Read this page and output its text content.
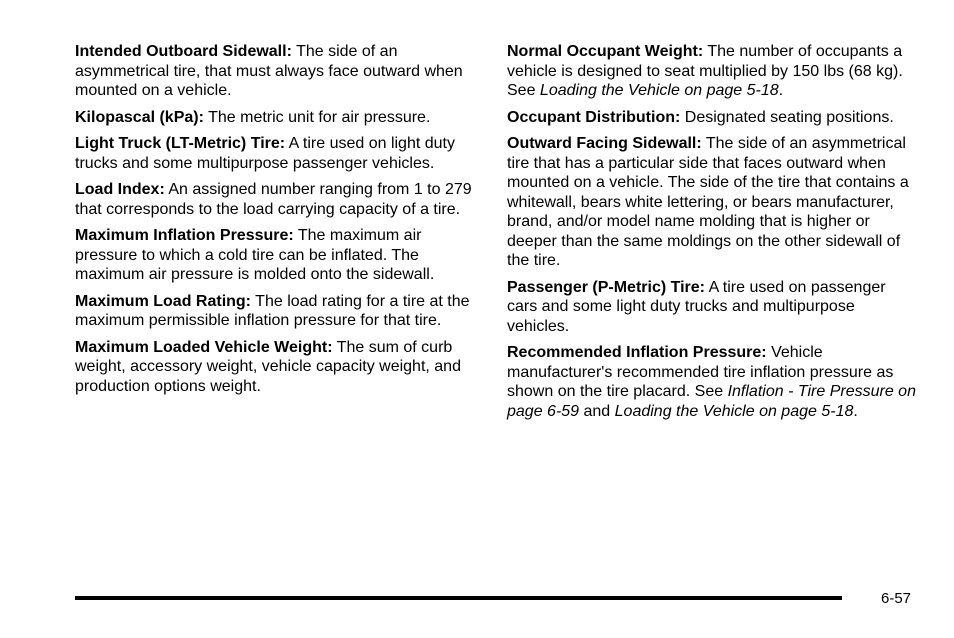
Intended Outboard Sidewall: The side of an asymmetrical tire, that must always face outward when mounted on a vehicle.

Kilopascal (kPa): The metric unit for air pressure.

Light Truck (LT-Metric) Tire: A tire used on light duty trucks and some multipurpose passenger vehicles.

Load Index: An assigned number ranging from 1 to 279 that corresponds to the load carrying capacity of a tire.

Maximum Inflation Pressure: The maximum air pressure to which a cold tire can be inflated. The maximum air pressure is molded onto the sidewall.

Maximum Load Rating: The load rating for a tire at the maximum permissible inflation pressure for that tire.

Maximum Loaded Vehicle Weight: The sum of curb weight, accessory weight, vehicle capacity weight, and production options weight.

Normal Occupant Weight: The number of occupants a vehicle is designed to seat multiplied by 150 lbs (68 kg). See Loading the Vehicle on page 5-18.

Occupant Distribution: Designated seating positions.

Outward Facing Sidewall: The side of an asymmetrical tire that has a particular side that faces outward when mounted on a vehicle. The side of the tire that contains a whitewall, bears white lettering, or bears manufacturer, brand, and/or model name molding that is higher or deeper than the same moldings on the other sidewall of the tire.

Passenger (P-Metric) Tire: A tire used on passenger cars and some light duty trucks and multipurpose vehicles.

Recommended Inflation Pressure: Vehicle manufacturer's recommended tire inflation pressure as shown on the tire placard. See Inflation - Tire Pressure on page 6-59 and Loading the Vehicle on page 5-18.

6-57
